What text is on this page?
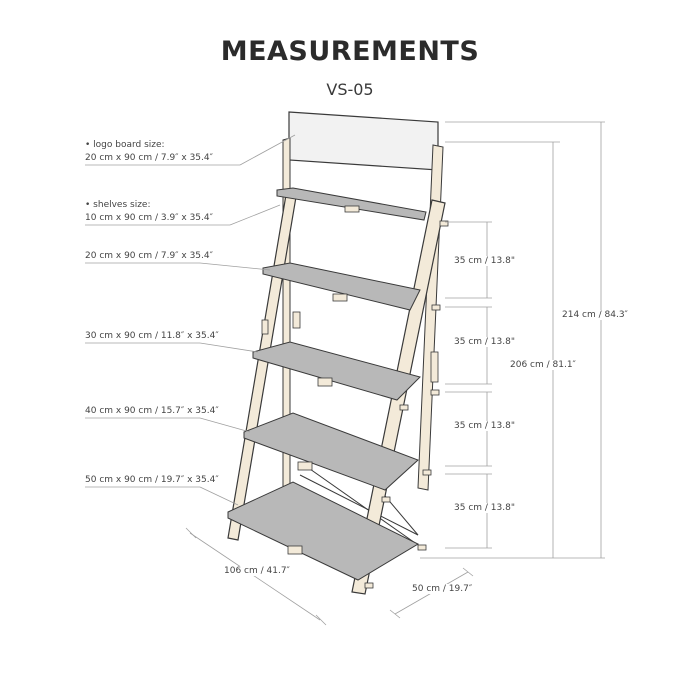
MEASUREMENTS
VS-05
• logo board size:
20 cm x 90 cm / 7.9″ x 35.4″
• shelves size:
10 cm x 90 cm / 3.9″ x 35.4″
20 cm x 90 cm / 7.9″ x 35.4″
30 cm x 90 cm / 11.8″ x 35.4″
40 cm x 90 cm / 15.7″ x 35.4″
50 cm x 90 cm / 19.7″ x 35.4″
35 cm / 13.8"
35 cm / 13.8"
35 cm / 13.8"
35 cm / 13.8"
214 cm / 84.3″
206 cm / 81.1″
106 cm / 41.7″
50 cm / 19.7″
